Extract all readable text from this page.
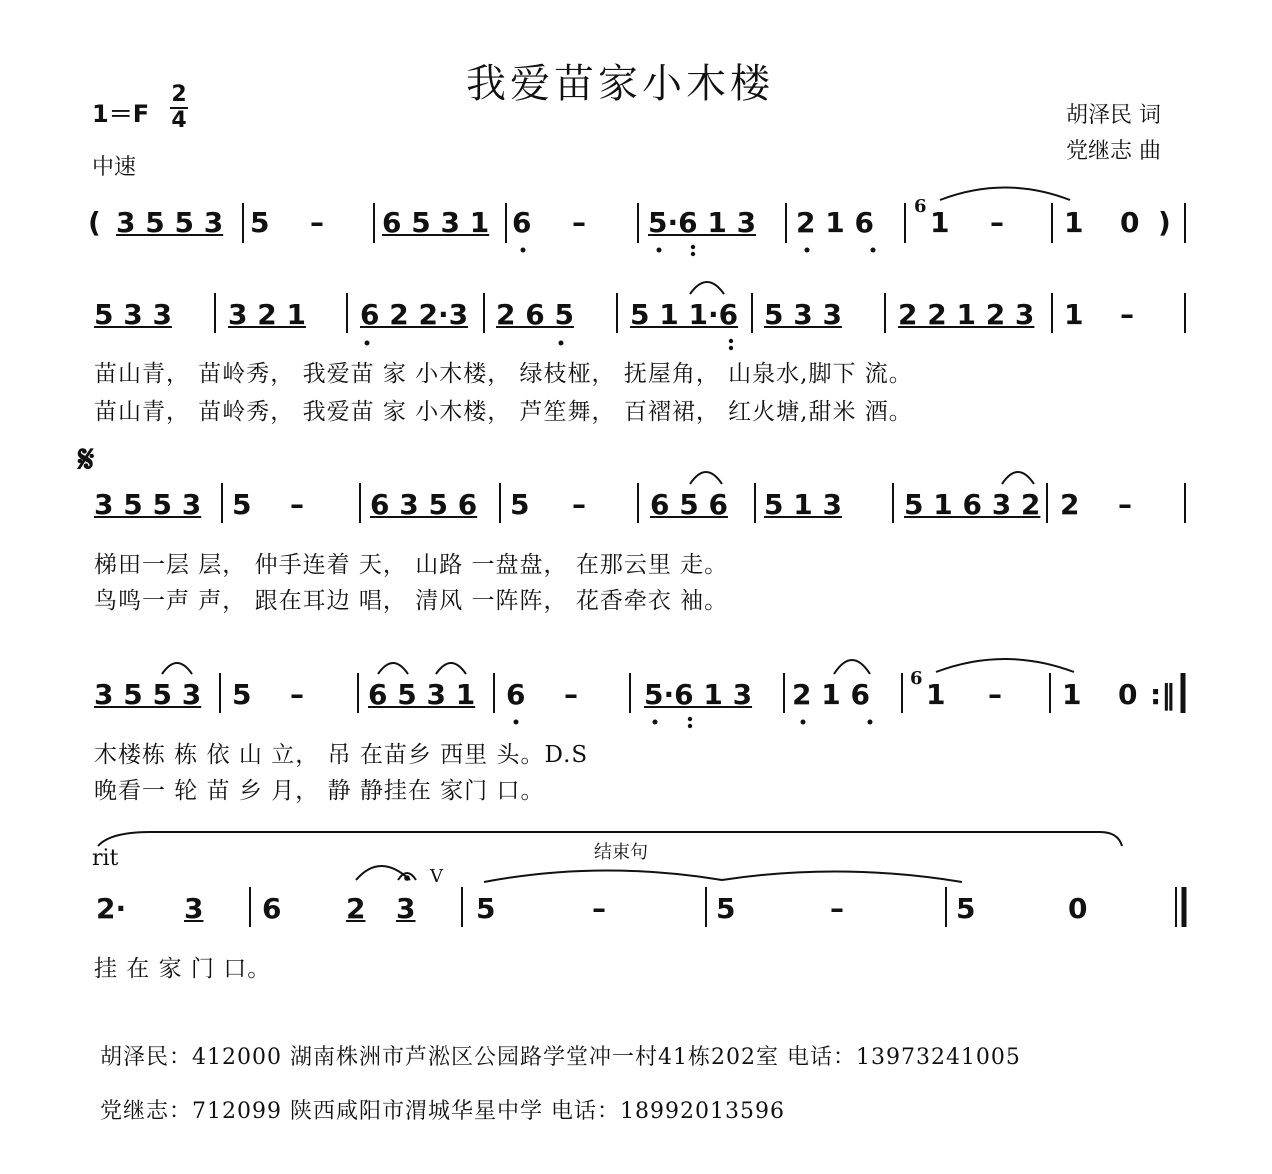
我爱苗家小木楼
1＝F
2
4
中速
胡泽民 词
党继志 曲
( 3 5 5 3 5 – 6 5 3 1 6 – 5·6 1 3 2 1 6 6 1 – 1 0 )
5 3 3 3 2 1 6 2 2·3 2 6 5 5 1 1·6 5 3 3 2 2 1 2 3 1 –
苗山青， 苗岭秀， 我爱苗 家 小木楼， 绿枝桠， 抚屋角， 山泉水,脚下 流。
苗山青， 苗岭秀， 我爱苗 家 小木楼， 芦笙舞， 百褶裙， 红火塘,甜米 酒。
𝄋
3 5 5 3 5 – 6 3 5 6 5 – 6 5 6 5 1 3 5 1 6 3 2 2 –
梯田一层 层， 仲手连着 天， 山路 一盘盘， 在那云里 走。
鸟鸣一声 声， 跟在耳边 唱， 清风 一阵阵， 花香牵衣 袖。
3 5 5 3 5 – 6 5 3 1 6 – 5·6 1 3 2 1 6 6 1 – 1 0 :‖
木楼栋 栋 依 山 立， 吊 在苗乡 西里 头。D.S
晚看一 轮 苗 乡 月， 静 静挂在 家门 口。
rit	结束句
V
2· 3 6 2 3 5	–	5	–	5	0
挂 在 家 门 口。
胡泽民：412000 湖南株洲市芦淞区公园路学堂冲一村41栋202室 电话：13973241005
党继志：712099 陕西咸阳市渭城华星中学 电话：18992013596
